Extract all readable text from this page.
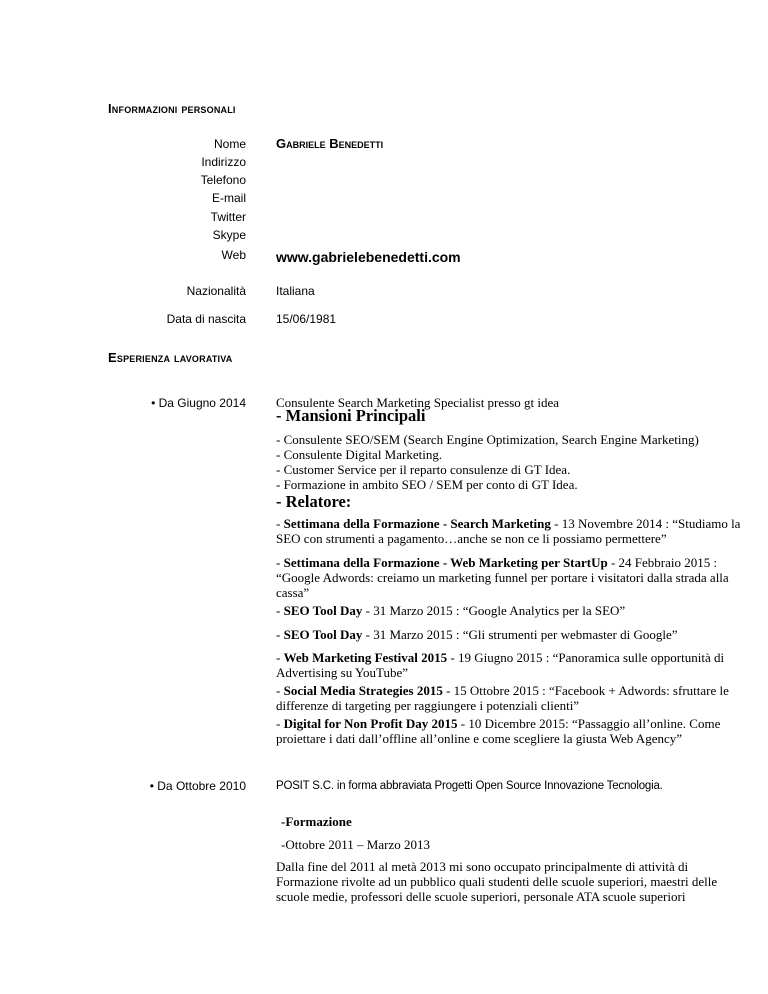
Informazioni personali
Nome Gabriele Benedetti
Indirizzo
Telefono
E-mail
Twitter
Skype
Web www.gabrielebenedetti.com
Nazionalità	Italiana
Data di nascita	15/06/1981
Esperienza lavorativa
• Da Giugno 2014 Consulente Search Marketing Specialist presso gt idea
- Mansioni Principali
- Consulente SEO/SEM (Search Engine Optimization, Search Engine Marketing)
- Consulente Digital Marketing.
- Customer Service per il reparto consulenze di GT Idea.
- Formazione in ambito SEO / SEM per conto di GT Idea.
- Relatore:
- Settimana della Formazione - Search Marketing - 13 Novembre 2014 : “Studiamo la SEO con strumenti a pagamento…anche se non ce li possiamo permettere”
- Settimana della Formazione - Web Marketing per StartUp - 24 Febbraio 2015 : “Google Adwords: creiamo un marketing funnel per portare i visitatori dalla strada alla cassa”
- SEO Tool Day - 31 Marzo 2015 : “Google Analytics per la SEO”
- SEO Tool Day - 31 Marzo 2015 : “Gli strumenti per webmaster di Google”
- Web Marketing Festival 2015 - 19 Giugno 2015 : “Panoramica sulle opportunità di Advertising su YouTube”
- Social Media Strategies 2015 - 15 Ottobre 2015 : “Facebook + Adwords: sfruttare le differenze di targeting per raggiungere i potenziali clienti”
- Digital for Non Profit Day 2015 - 10 Dicembre 2015: “Passaggio all’online. Come proiettare i dati dall’offline all’online e come scegliere la giusta Web Agency”
• Da Ottobre 2010	POSIT S.C. in forma abbraviata Progetti Open Source Innovazione Tecnologia.
-Formazione
-Ottobre 2011 – Marzo 2013
Dalla fine del 2011 al metà 2013 mi sono occupato principalmente di attività di Formazione rivolte ad un pubblico quali studenti delle scuole superiori, maestri delle scuole medie, professori delle scuole superiori, personale ATA scuole superiori
